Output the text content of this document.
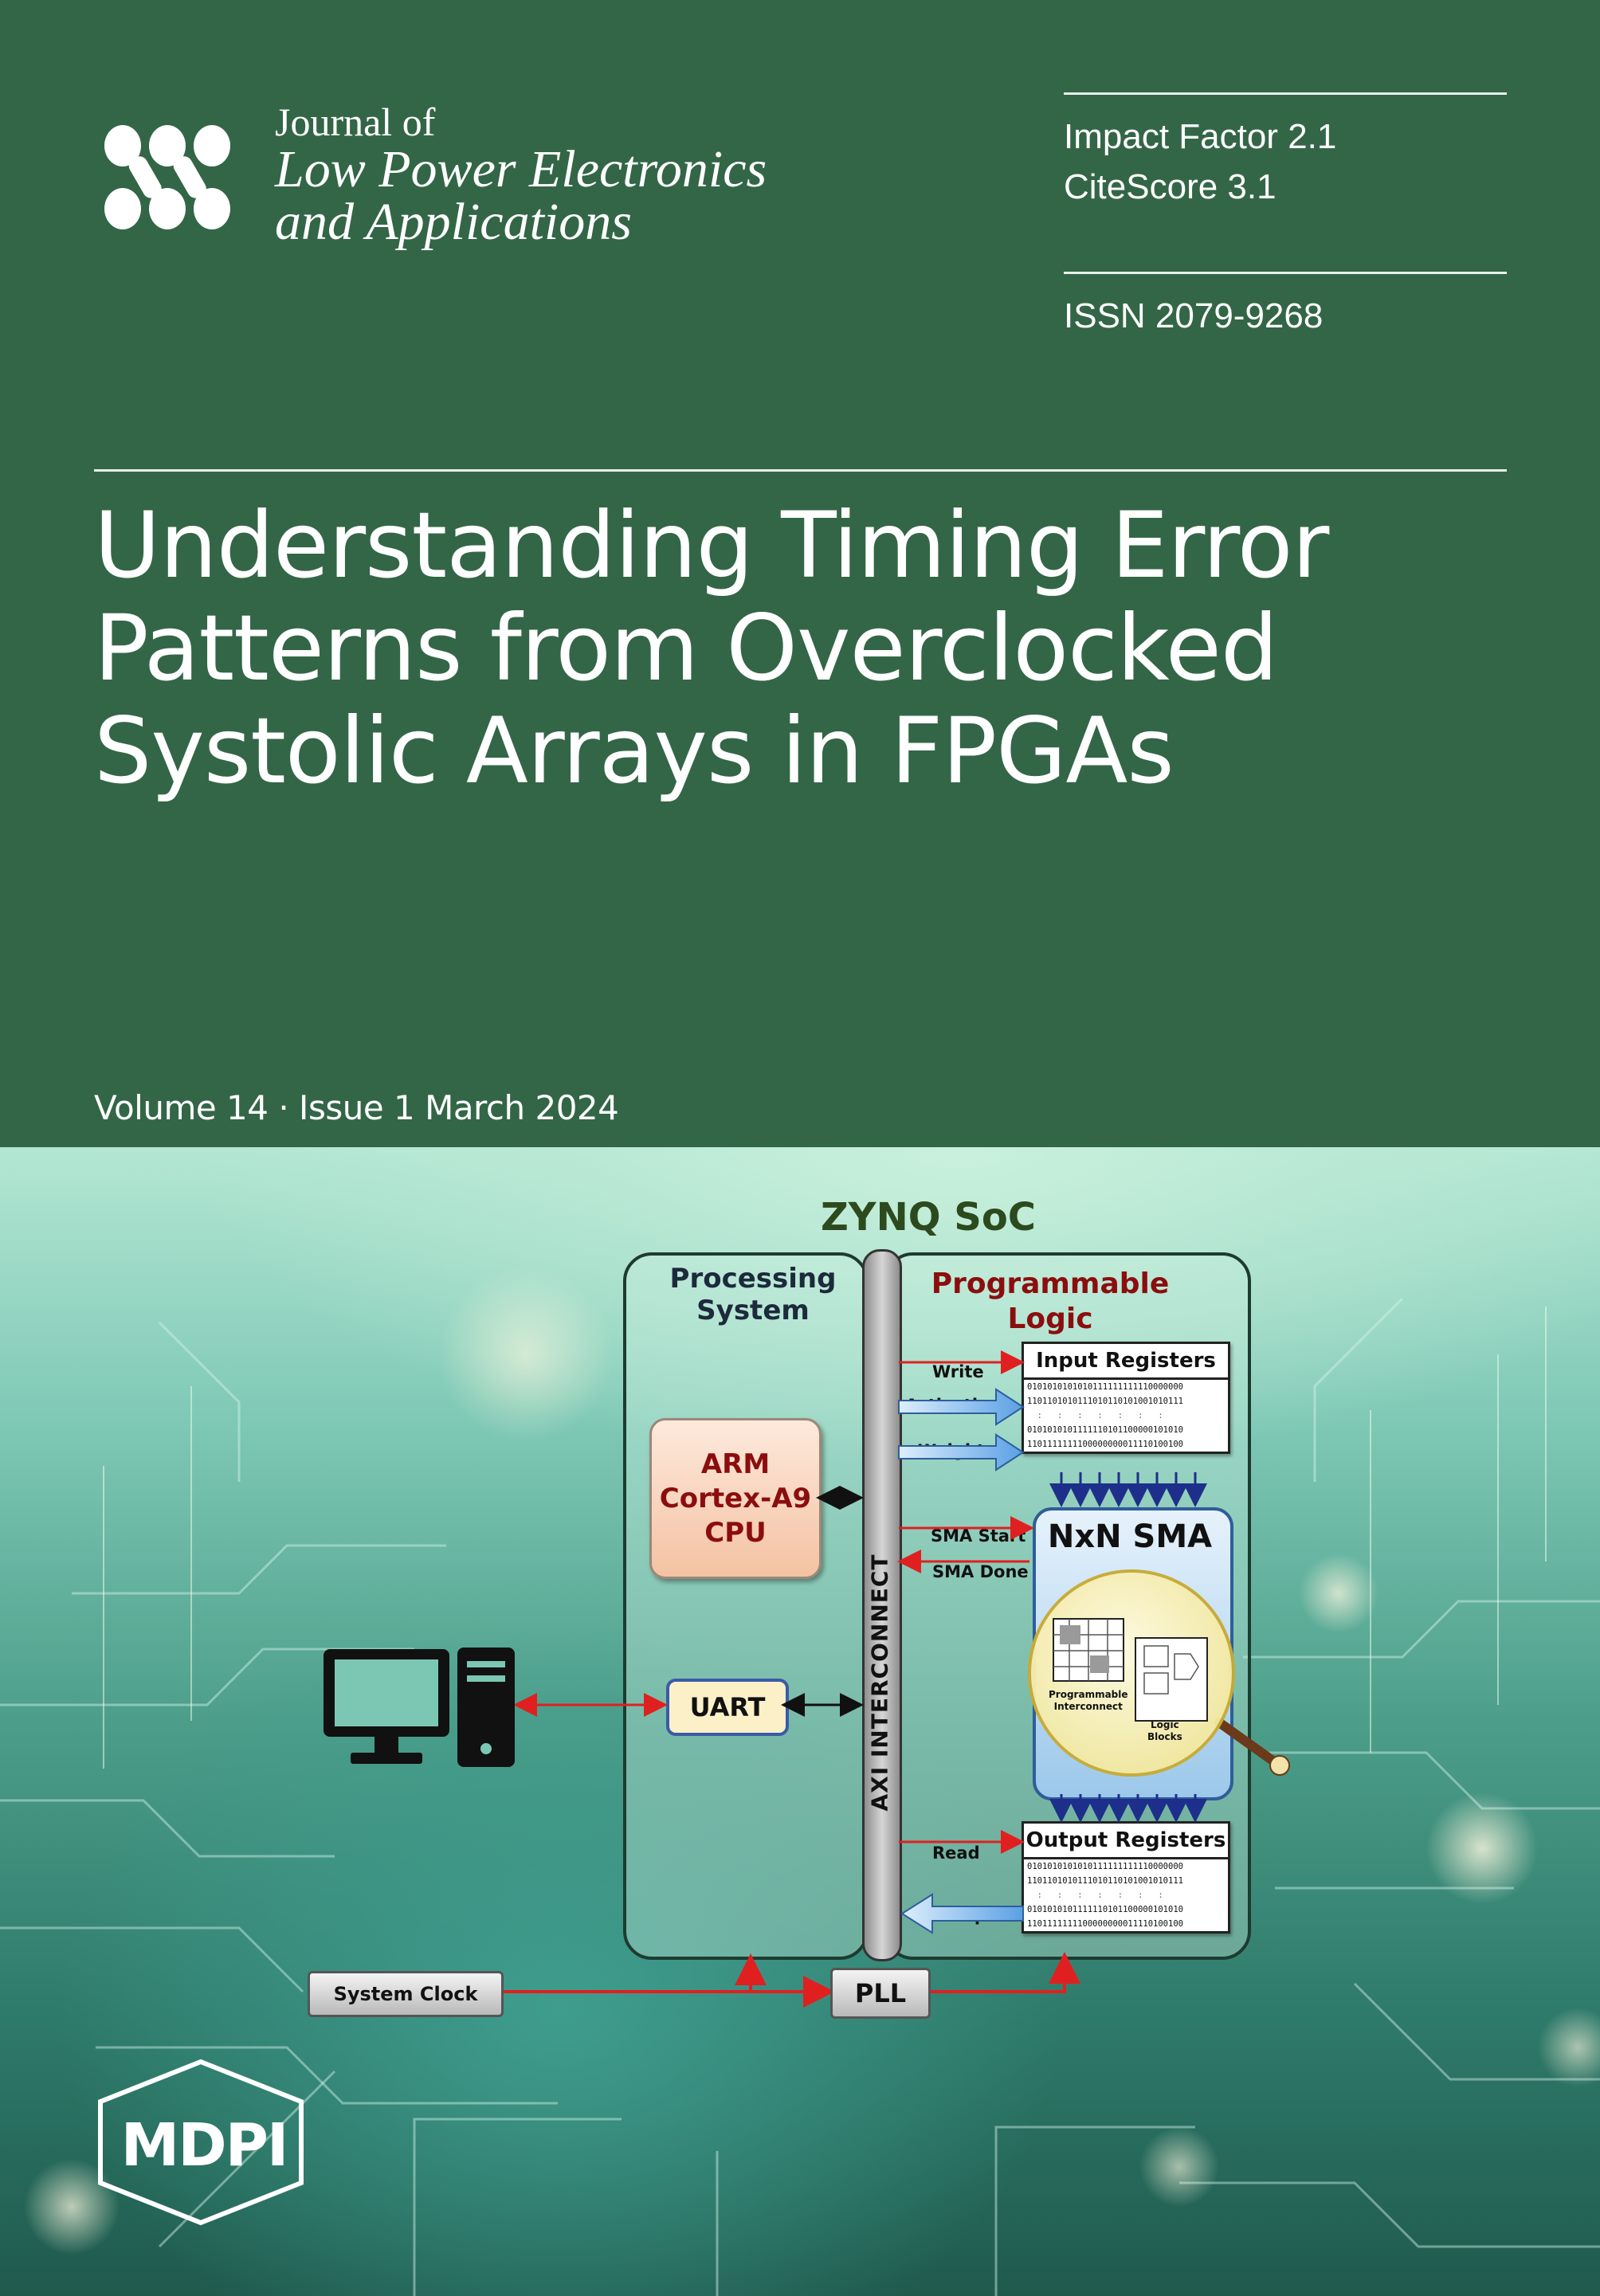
Journal of
Low Power Electronics
and Applications
Impact Factor 2.1
CiteScore 3.1
ISSN 2079-9268
Understanding Timing Error
Patterns from Overclocked
Systolic Arrays in FPGAs
Volume 14 · Issue 1 March 2024
ZYNQ SoC
Processing
System
Programmable
Logic
AXI INTERCONNECT
ARM
Cortex-A9
CPU
UART
Input Registers
0101010101010111111111110000000
1101101010111010110101001010111
:   :   :   :   :   :   :
0101010101111110101100000101010
1101111111100000000011110100100
NxN SMA
Output Registers
0101010101010111111111110000000
1101101010111010110101001010111
:   :   :   :   :   :   :
0101010101111110101100000101010
1101111111100000000011110100100
Write
SMA Start
SMA Done
Read
Programmable
Interconnect
Logic
Blocks
System Clock	PLL
MDPI
